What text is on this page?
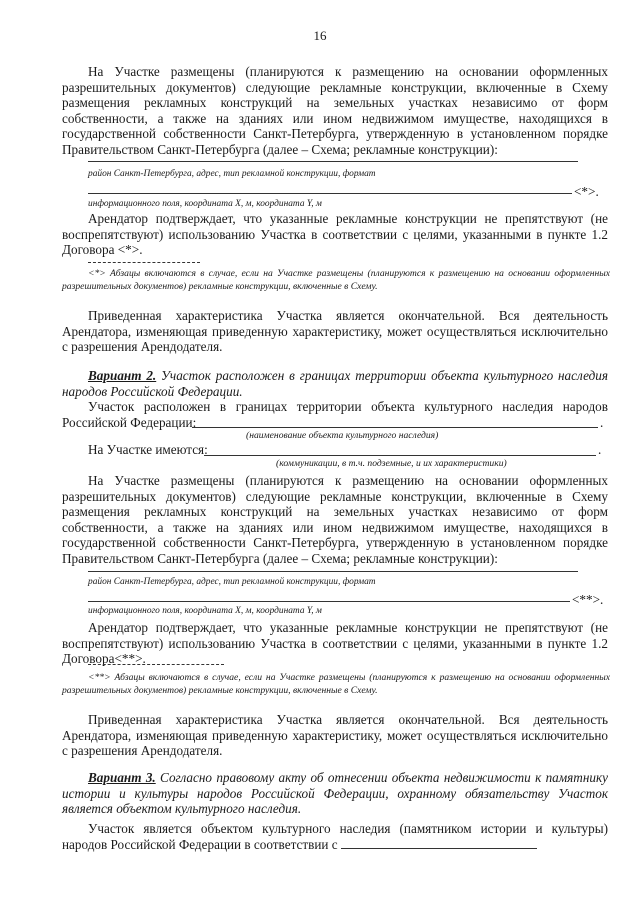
16

На Участке размещены (планируются к размещению на основании оформленных разрешительных документов) следующие рекламные конструкции, включенные в Схему размещения рекламных конструкций на земельных участках независимо от форм собственности, а также на зданиях или ином недвижимом имуществе, находящихся в государственной собственности Санкт-Петербурга, утвержденную в установленном порядке Правительством Санкт-Петербурга (далее – Схема; рекламные конструкции):

район Санкт-Петербурга, адрес, тип рекламной конструкции, формат
<*>.
информационного поля, координата X, м, координата Y, м

Арендатор подтверждает, что указанные рекламные конструкции не препятствуют (не воспрепятствуют) использованию Участка в соответствии с целями, указанными в пункте 1.2 Договора <*>.

<*> Абзацы включаются в случае, если на Участке размещены (планируются к размещению на основании оформленных разрешительных документов) рекламные конструкции, включенные в Схему.

Приведенная характеристика Участка является окончательной. Вся деятельность Арендатора, изменяющая приведенную характеристику, может осуществляться исключительно с разрешения Арендодателя.

Вариант 2. Участок расположен в границах территории объекта культурного наследия народов Российской Федерации.

Участок расположен в границах территории объекта культурного наследия народов Российской Федерации:	.
(наименование объекта культурного наследия)
На Участке имеются:	.
(коммуникации, в т.ч. подземные, и их характеристики)

На Участке размещены (планируются к размещению на основании оформленных разрешительных документов) следующие рекламные конструкции, включенные в Схему размещения рекламных конструкций на земельных участках независимо от форм собственности, а также на зданиях или ином недвижимом имуществе, находящихся в государственной собственности Санкт-Петербурга, утвержденную в установленном порядке Правительством Санкт-Петербурга (далее – Схема; рекламные конструкции):

район Санкт-Петербурга, адрес, тип рекламной конструкции, формат
<**>.
информационного поля, координата X, м, координата Y, м

Арендатор подтверждает, что указанные рекламные конструкции не препятствуют (не воспрепятствуют) использованию Участка в соответствии с целями, указанными в пункте 1.2 Договора<**>.

<**> Абзацы включаются в случае, если на Участке размещены (планируются к размещению на основании оформленных разрешительных документов) рекламные конструкции, включенные в Схему.

Приведенная характеристика Участка является окончательной. Вся деятельность Арендатора, изменяющая приведенную характеристику, может осуществляться исключительно с разрешения Арендодателя.

Вариант 3. Согласно правовому акту об отнесении объекта недвижимости к памятнику истории и культуры народов Российской Федерации, охранному обязательству Участок является объектом культурного наследия.

Участок является объектом культурного наследия (памятником истории и культуры) народов Российской Федерации в соответствии с
